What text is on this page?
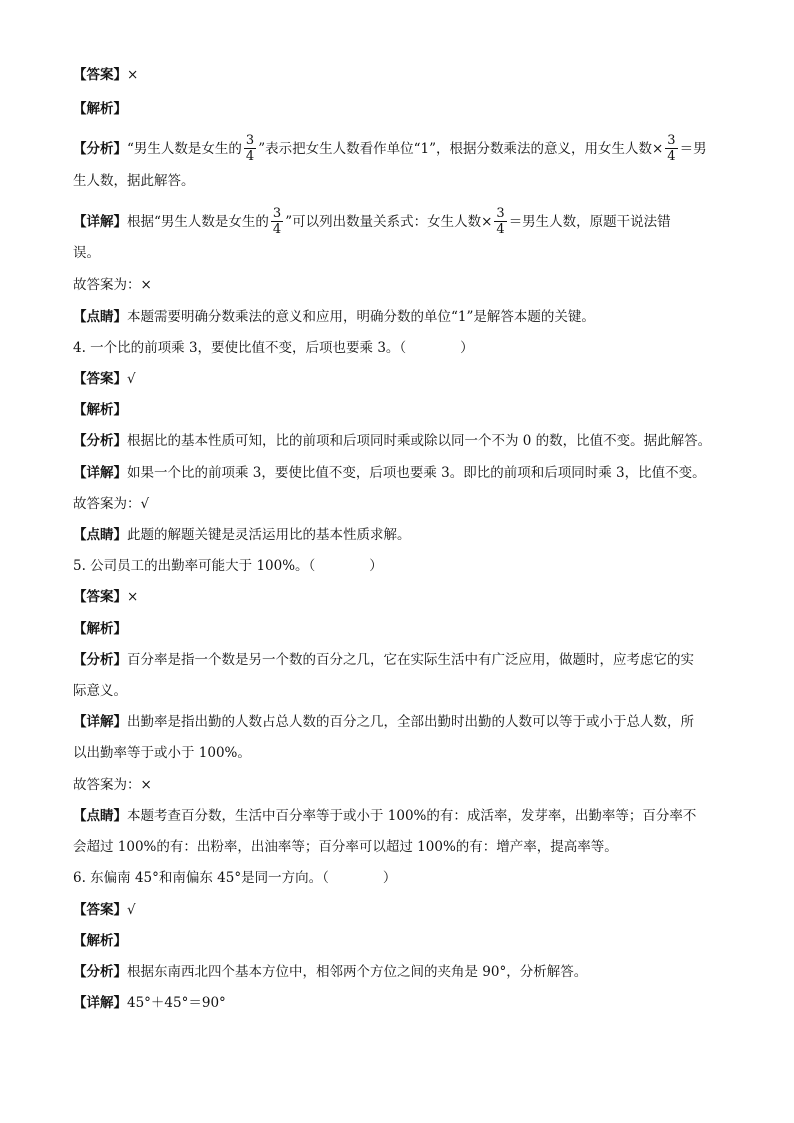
【答案】×
【解析】
【分析】“男生人数是女生的 $\frac{3}{4}$ ”表示把女生人数看作单位“1”，根据分数乘法的意义，用女生人数× $\frac{3}{4}$ ＝男
生人数，据此解答。
【详解】根据“男生人数是女生的 $\frac{3}{4}$ ”可以列出数量关系式：女生人数× $\frac{3}{4}$ ＝男生人数，原题干说法错
误。
故答案为：×
【点睛】本题需要明确分数乘法的意义和应用，明确分数的单位“1”是解答本题的关键。
4. 一个比的前项乘 3，要使比值不变，后项也要乘 3。（　　　　）
【答案】√
【解析】
【分析】根据比的基本性质可知，比的前项和后项同时乘或除以同一个不为 0 的数，比值不变。据此解答。
【详解】如果一个比的前项乘 3，要使比值不变，后项也要乘 3。即比的前项和后项同时乘 3，比值不变。
故答案为：√
【点睛】此题的解题关键是灵活运用比的基本性质求解。
5. 公司员工的出勤率可能大于 100%。（　　　　）
【答案】×
【解析】
【分析】百分率是指一个数是另一个数的百分之几，它在实际生活中有广泛应用，做题时，应考虑它的实
际意义。
【详解】出勤率是指出勤的人数占总人数的百分之几，全部出勤时出勤的人数可以等于或小于总人数，所
以出勤率等于或小于 100%。
故答案为：×
【点睛】本题考查百分数，生活中百分率等于或小于 100%的有：成活率，发芽率，出勤率等；百分率不
会超过 100%的有：出粉率，出油率等；百分率可以超过 100%的有：增产率，提高率等。
6. 东偏南 45°和南偏东 45°是同一方向。（　　　　）
【答案】√
【解析】
【分析】根据东南西北四个基本方位中，相邻两个方位之间的夹角是 90°，分析解答。
【详解】45°＋45°＝90°
